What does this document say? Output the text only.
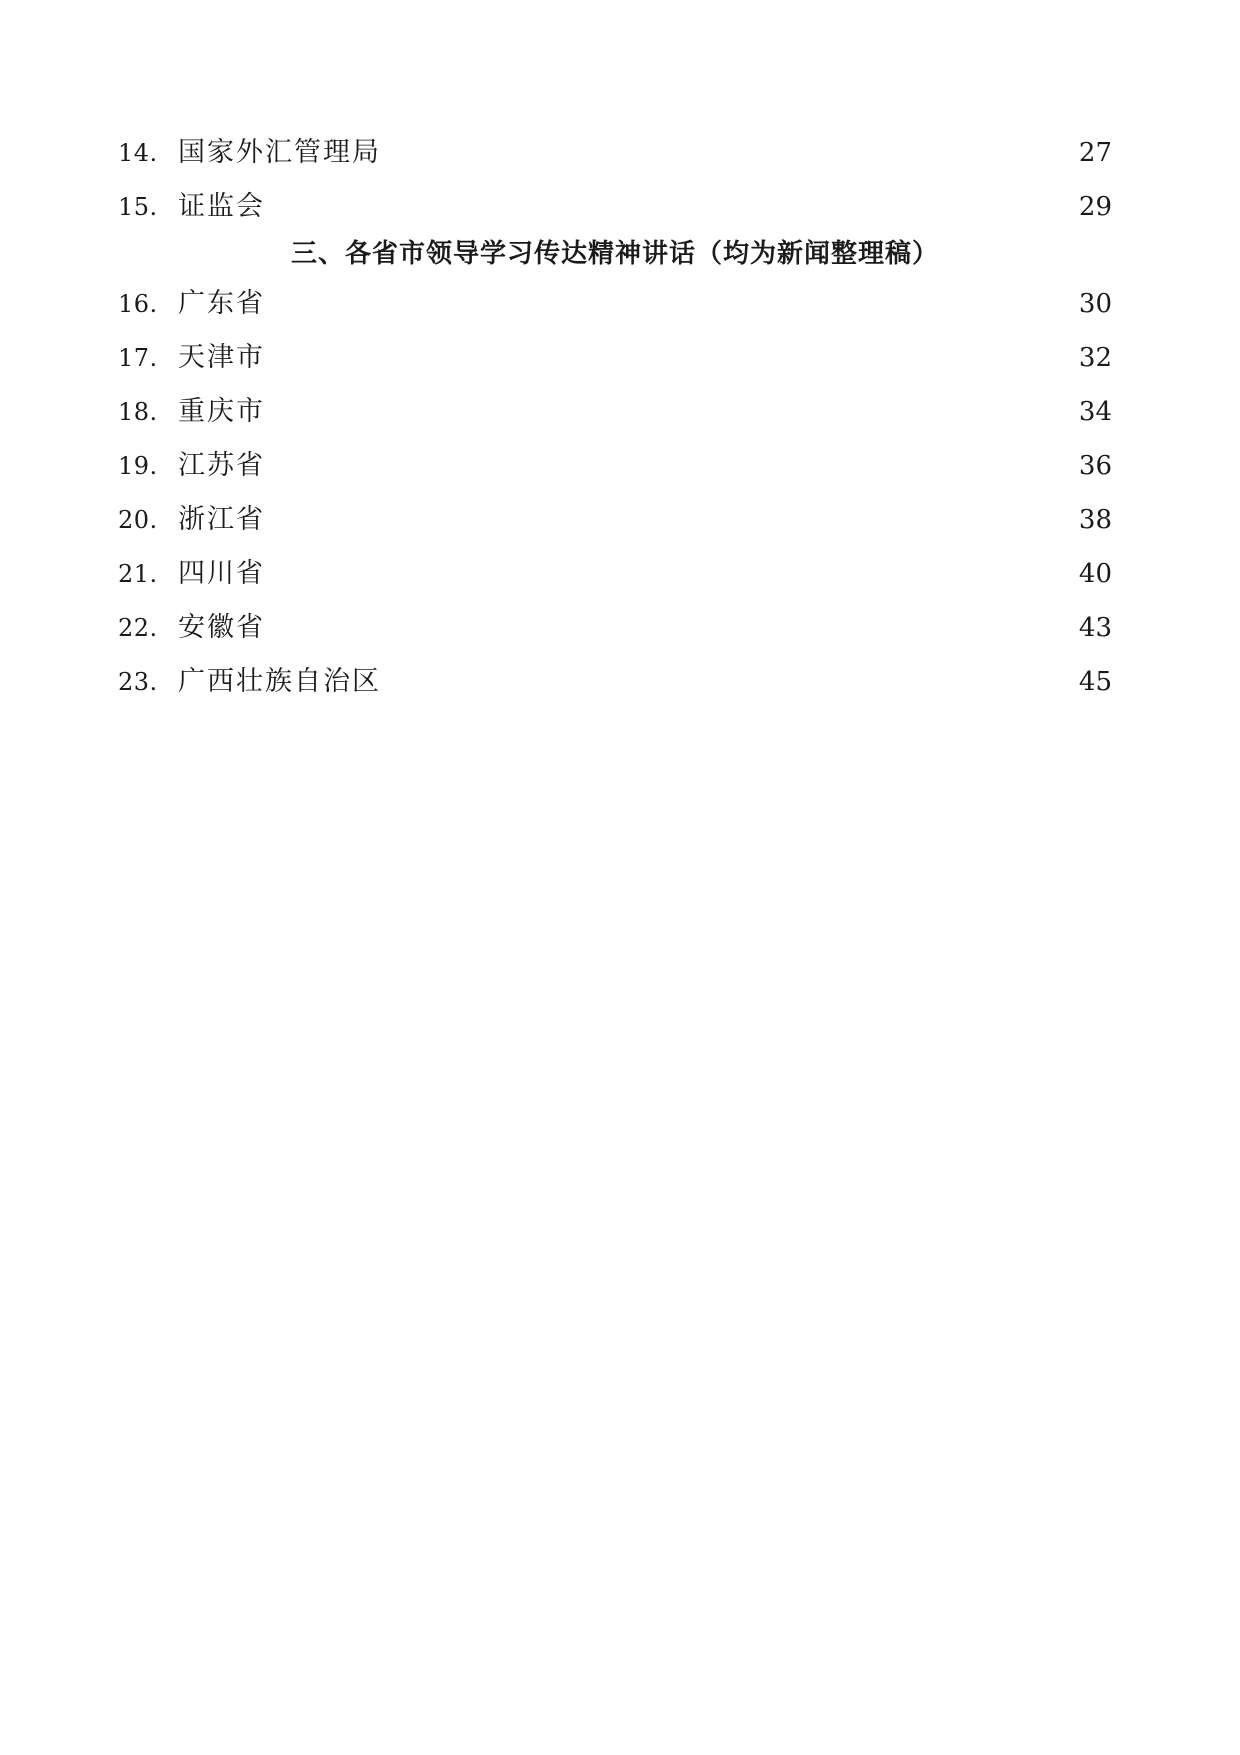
14. 国家外汇管理局	27
15. 证监会	29
三、各省市领导学习传达精神讲话（均为新闻整理稿）
16. 广东省	30
17. 天津市	32
18. 重庆市	34
19. 江苏省	36
20. 浙江省	38
21. 四川省	40
22. 安徽省	43
23. 广西壮族自治区	45
